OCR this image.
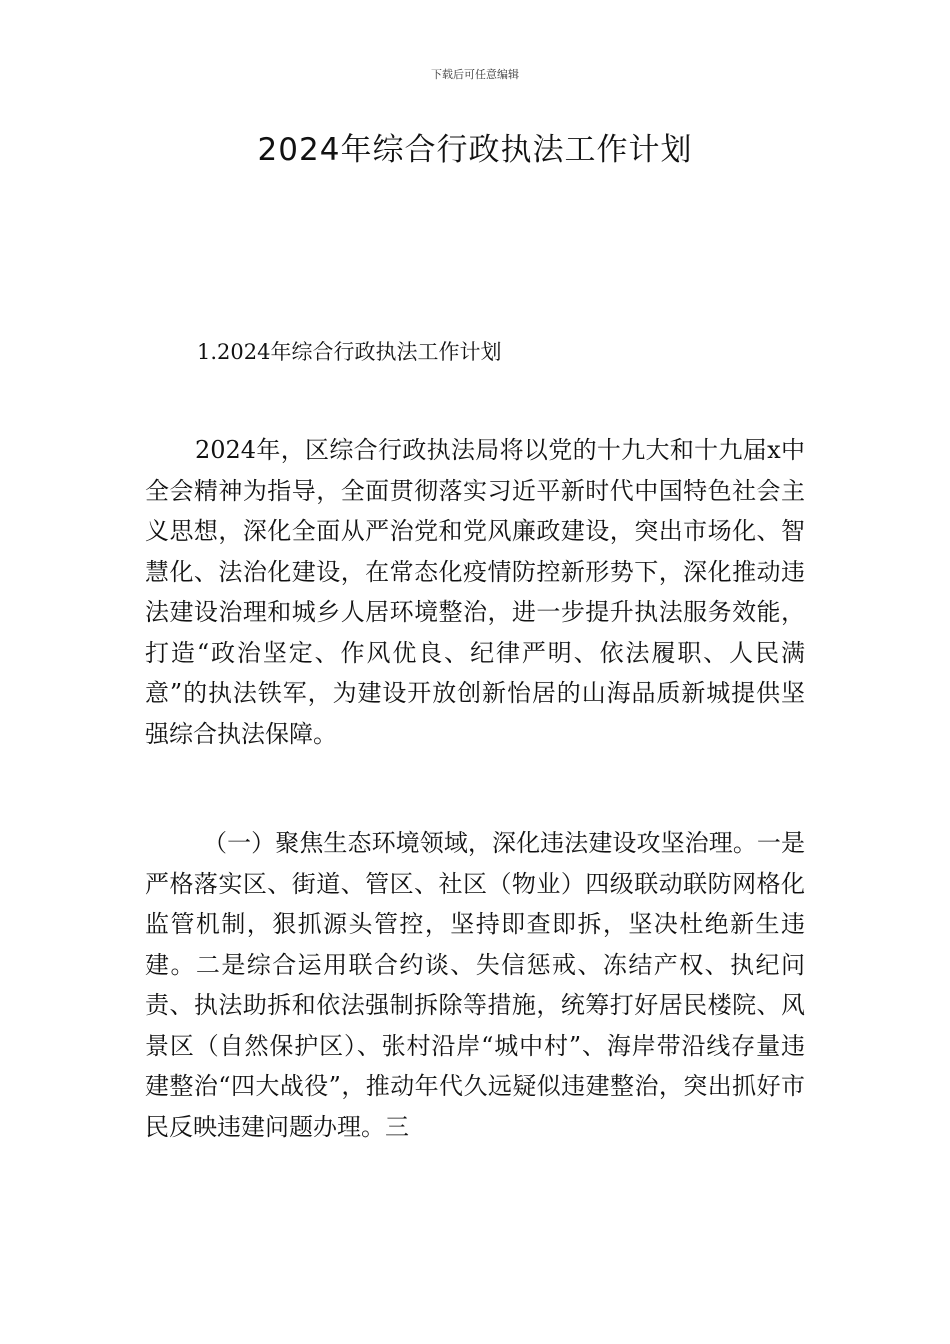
下载后可任意编辑
2024年综合行政执法工作计划
1.2024年综合行政执法工作计划

2024年，区综合行政执法局将以党的十九大和十九届x中全会精神为指导，全面贯彻落实习近平新时代中国特色社会主义思想，深化全面从严治党和党风廉政建设，突出市场化、智慧化、法治化建设，在常态化疫情防控新形势下，深化推动违法建设治理和城乡人居环境整治，进一步提升执法服务效能，打造“政治坚定、作风优良、纪律严明、依法履职、人民满意”的执法铁军，为建设开放创新怡居的山海品质新城提供坚强综合执法保障。

（一）聚焦生态环境领域，深化违法建设攻坚治理。一是严格落实区、街道、管区、社区（物业）四级联动联防网格化监管机制，狠抓源头管控，坚持即查即拆，坚决杜绝新生违建。二是综合运用联合约谈、失信惩戒、冻结产权、执纪问责、执法助拆和依法强制拆除等措施，统筹打好居民楼院、风景区（自然保护区）、张村沿岸“城中村”、海岸带沿线存量违建整治“四大战役”，推动年代久远疑似违建整治，突出抓好市民反映违建问题办理。三
